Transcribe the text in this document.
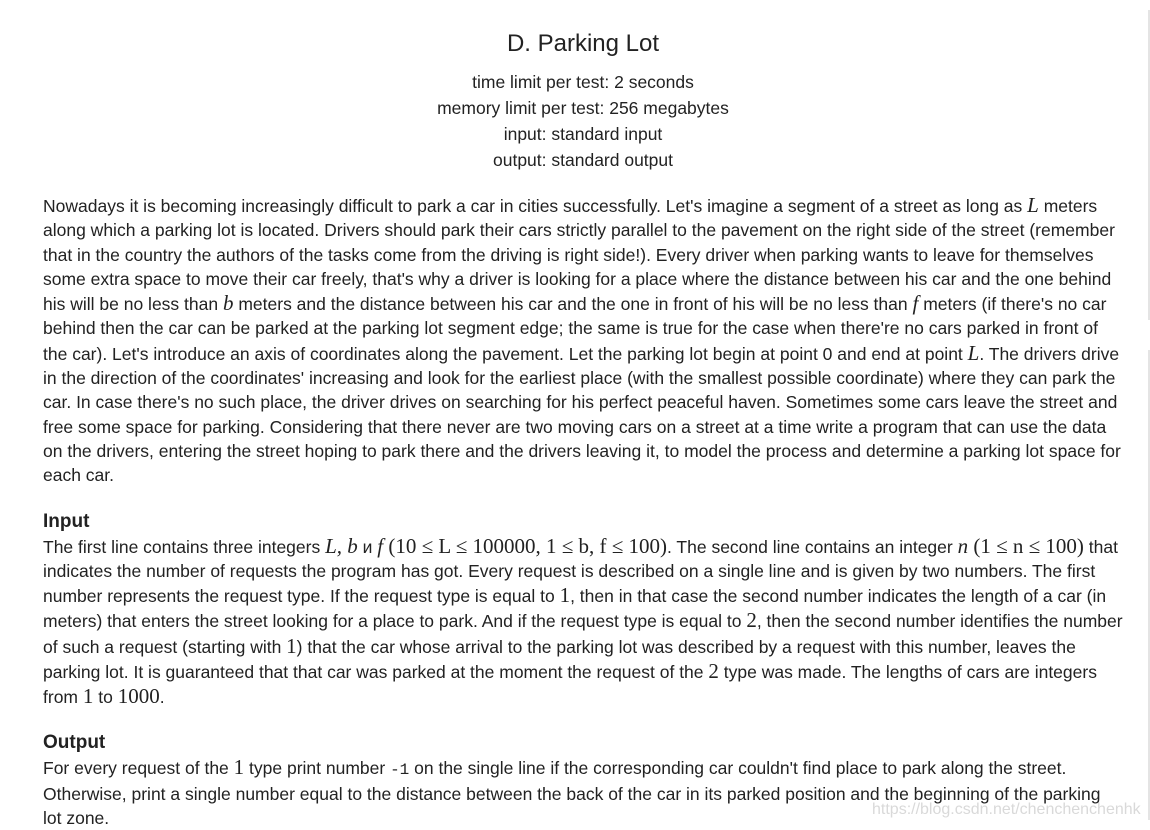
D. Parking Lot
time limit per test: 2 seconds
memory limit per test: 256 megabytes
input: standard input
output: standard output
Nowadays it is becoming increasingly difficult to park a car in cities successfully. Let's imagine a segment of a street as long as L meters along which a parking lot is located. Drivers should park their cars strictly parallel to the pavement on the right side of the street (remember that in the country the authors of the tasks come from the driving is right side!). Every driver when parking wants to leave for themselves some extra space to move their car freely, that's why a driver is looking for a place where the distance between his car and the one behind his will be no less than b meters and the distance between his car and the one in front of his will be no less than f meters (if there's no car behind then the car can be parked at the parking lot segment edge; the same is true for the case when there're no cars parked in front of the car). Let's introduce an axis of coordinates along the pavement. Let the parking lot begin at point 0 and end at point L. The drivers drive in the direction of the coordinates' increasing and look for the earliest place (with the smallest possible coordinate) where they can park the car. In case there's no such place, the driver drives on searching for his perfect peaceful haven. Sometimes some cars leave the street and free some space for parking. Considering that there never are two moving cars on a street at a time write a program that can use the data on the drivers, entering the street hoping to park there and the drivers leaving it, to model the process and determine a parking lot space for each car.
Input
The first line contains three integers L, b и f (10 ≤ L ≤ 100000, 1 ≤ b, f ≤ 100). The second line contains an integer n (1 ≤ n ≤ 100) that indicates the number of requests the program has got. Every request is described on a single line and is given by two numbers. The first number represents the request type. If the request type is equal to 1, then in that case the second number indicates the length of a car (in meters) that enters the street looking for a place to park. And if the request type is equal to 2, then the second number identifies the number of such a request (starting with 1) that the car whose arrival to the parking lot was described by a request with this number, leaves the parking lot. It is guaranteed that that car was parked at the moment the request of the 2 type was made. The lengths of cars are integers from 1 to 1000.
Output
For every request of the 1 type print number -1 on the single line if the corresponding car couldn't find place to park along the street. Otherwise, print a single number equal to the distance between the back of the car in its parked position and the beginning of the parking lot zone.	https://blog.csdn.net/chenchenchenhk
